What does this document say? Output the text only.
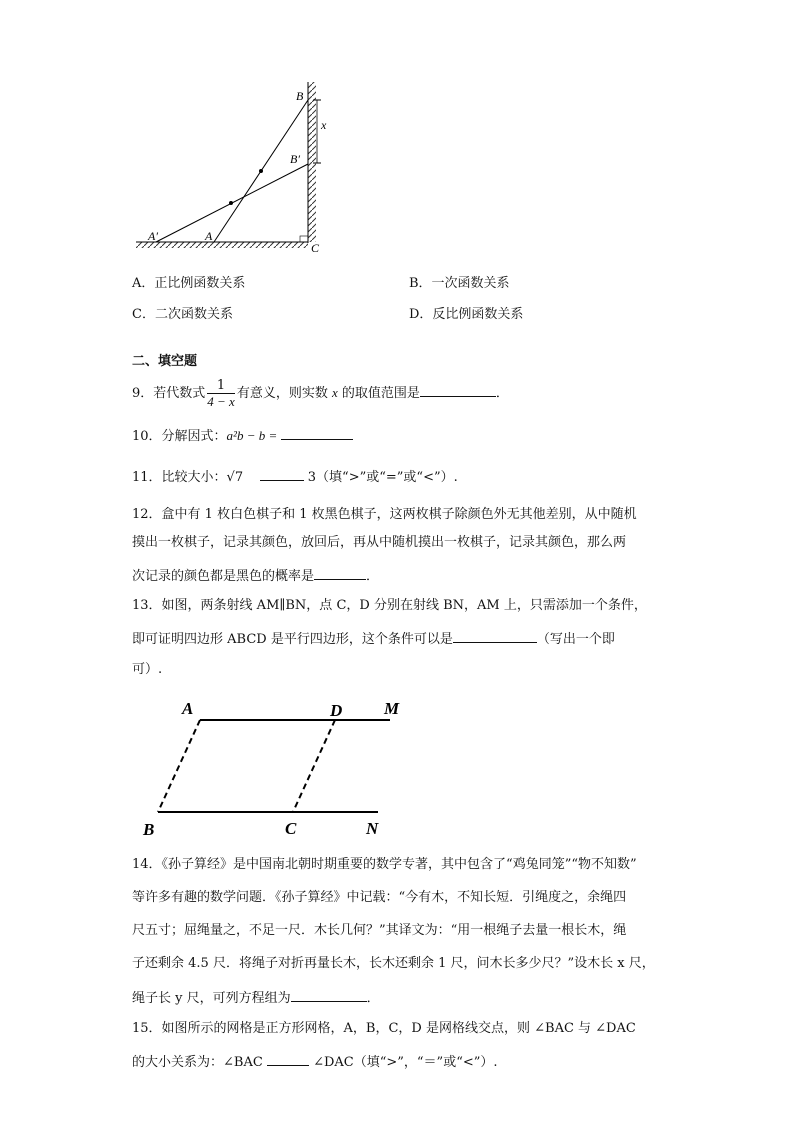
B
x
B′
A′	A
C
A．正比例函数关系	B．一次函数关系
C．二次函数关系	D．反比例函数关系
二、填空题
9．若代数式 $\frac{1}{4 - x}$ 有意义，则实数 x 的取值范围是	．
10．分解因式：a²b − b =
11．比较大小：√7	3（填“>”或“=”或“<”）.
12．盒中有 1 枚白色棋子和 1 枚黑色棋子，这两枚棋子除颜色外无其他差别，从中随机
摸出一枚棋子，记录其颜色，放回后，再从中随机摸出一枚棋子，记录其颜色，那么两
次记录的颜色都是黑色的概率是	．
13．如图，两条射线 AM∥BN，点 C，D 分别在射线 BN，AM 上，只需添加一个条件，
即可证明四边形 ABCD 是平行四边形，这个条件可以是	（写出一个即
可）.
A	D M
B	C	N
14．《孙子算经》是中国南北朝时期重要的数学专著，其中包含了“鸡兔同笼”“物不知数”
等许多有趣的数学问题．《孙子算经》中记载：“今有木，不知长短．引绳度之，余绳四
尺五寸；屈绳量之，不足一尺．木长几何？”其译文为：“用一根绳子去量一根长木，绳
子还剩余 4.5 尺．将绳子对折再量长木，长木还剩余 1 尺，问木长多少尺？”设木长 x 尺，
绳子长 y 尺，可列方程组为	．
15．如图所示的网格是正方形网格，A，B，C，D 是网格线交点，则 ∠BAC 与 ∠DAC
的大小关系为：∠BAC	∠DAC（填“>”，“＝”或“<”）.
